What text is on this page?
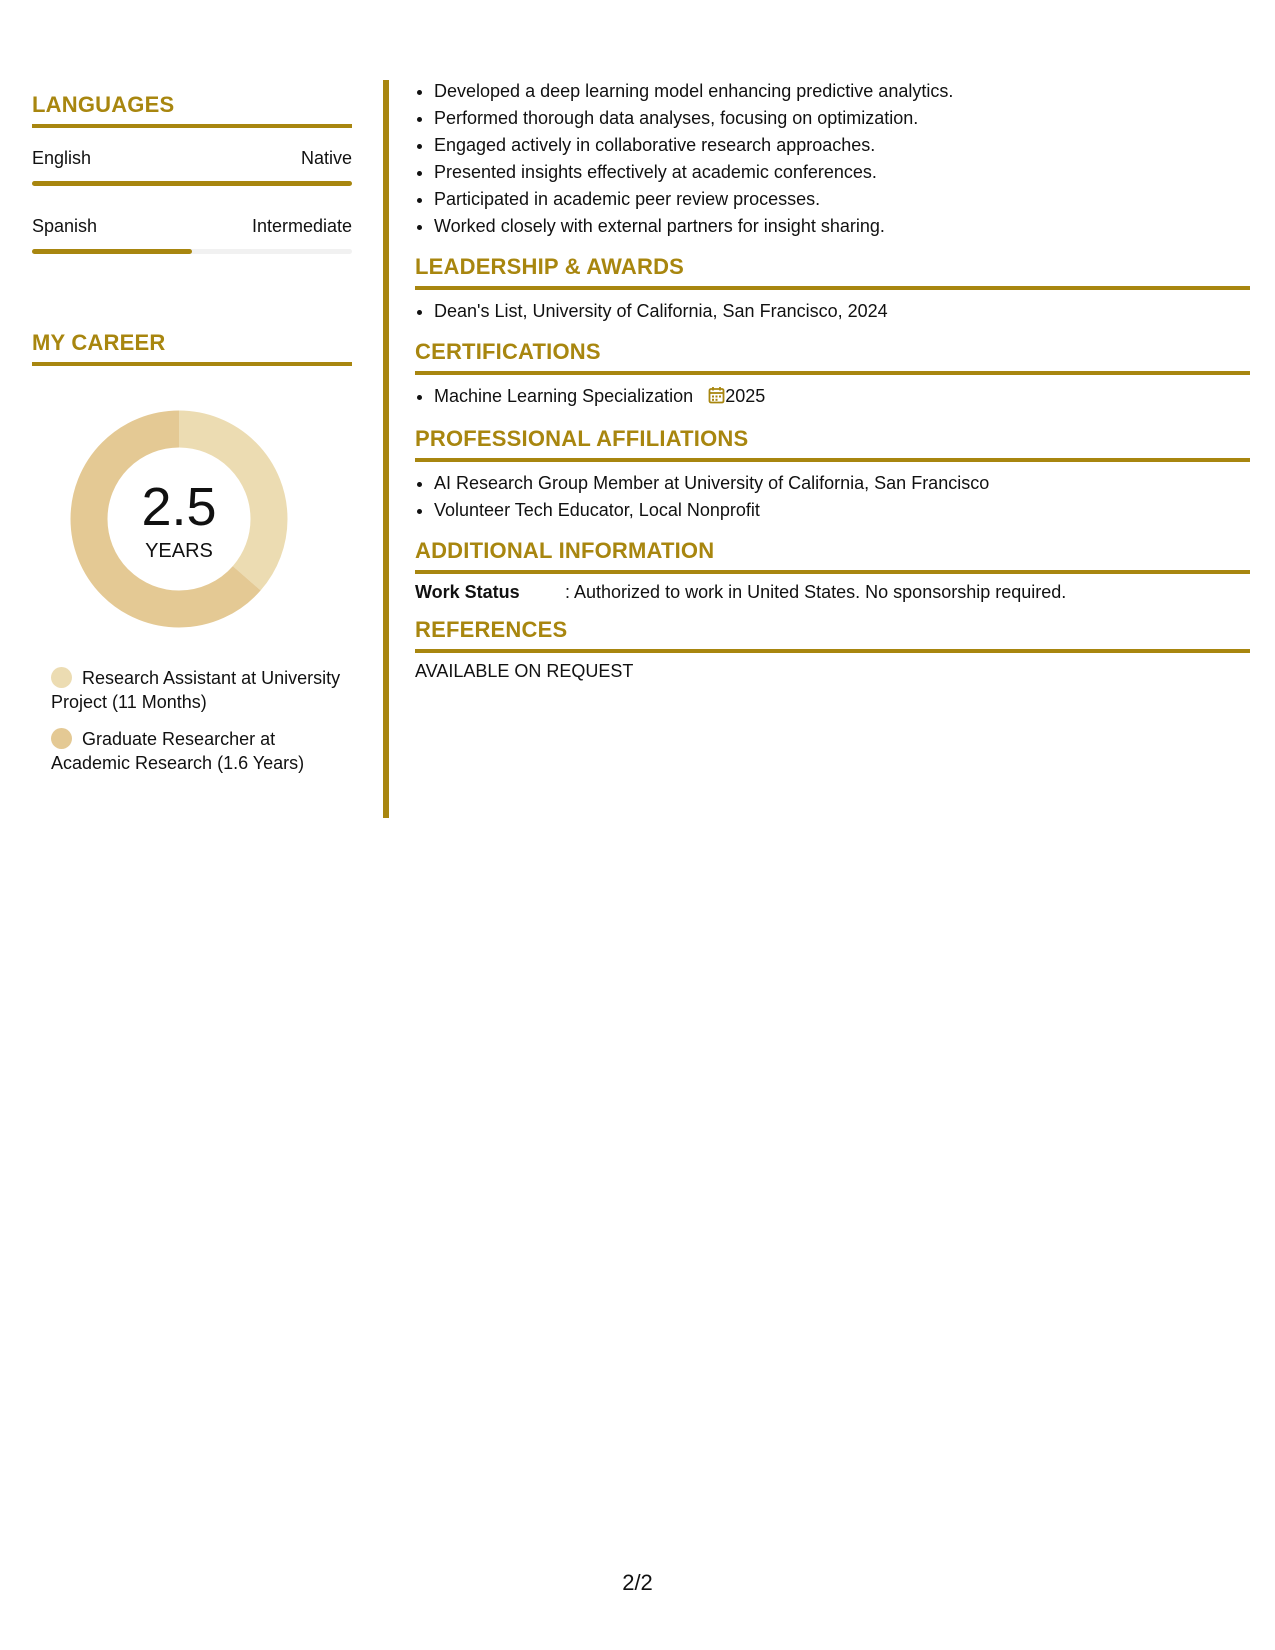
LANGUAGES
English	Native
Spanish	Intermediate
MY CAREER
2.5
YEARS
Research Assistant at University Project (11 Months)
Graduate Researcher at Academic Research (1.6 Years)
• Developed a deep learning model enhancing predictive analytics.
• Performed thorough data analyses, focusing on optimization.
• Engaged actively in collaborative research approaches.
• Presented insights effectively at academic conferences.
• Participated in academic peer review processes.
• Worked closely with external partners for insight sharing.
LEADERSHIP & AWARDS
• Dean's List, University of California, San Francisco, 2024
CERTIFICATIONS
• Machine Learning Specialization 2025
PROFESSIONAL AFFILIATIONS
• AI Research Group Member at University of California, San Francisco
• Volunteer Tech Educator, Local Nonprofit
ADDITIONAL INFORMATION
Work Status	: Authorized to work in United States. No sponsorship required.
REFERENCES
AVAILABLE ON REQUEST
2/2
